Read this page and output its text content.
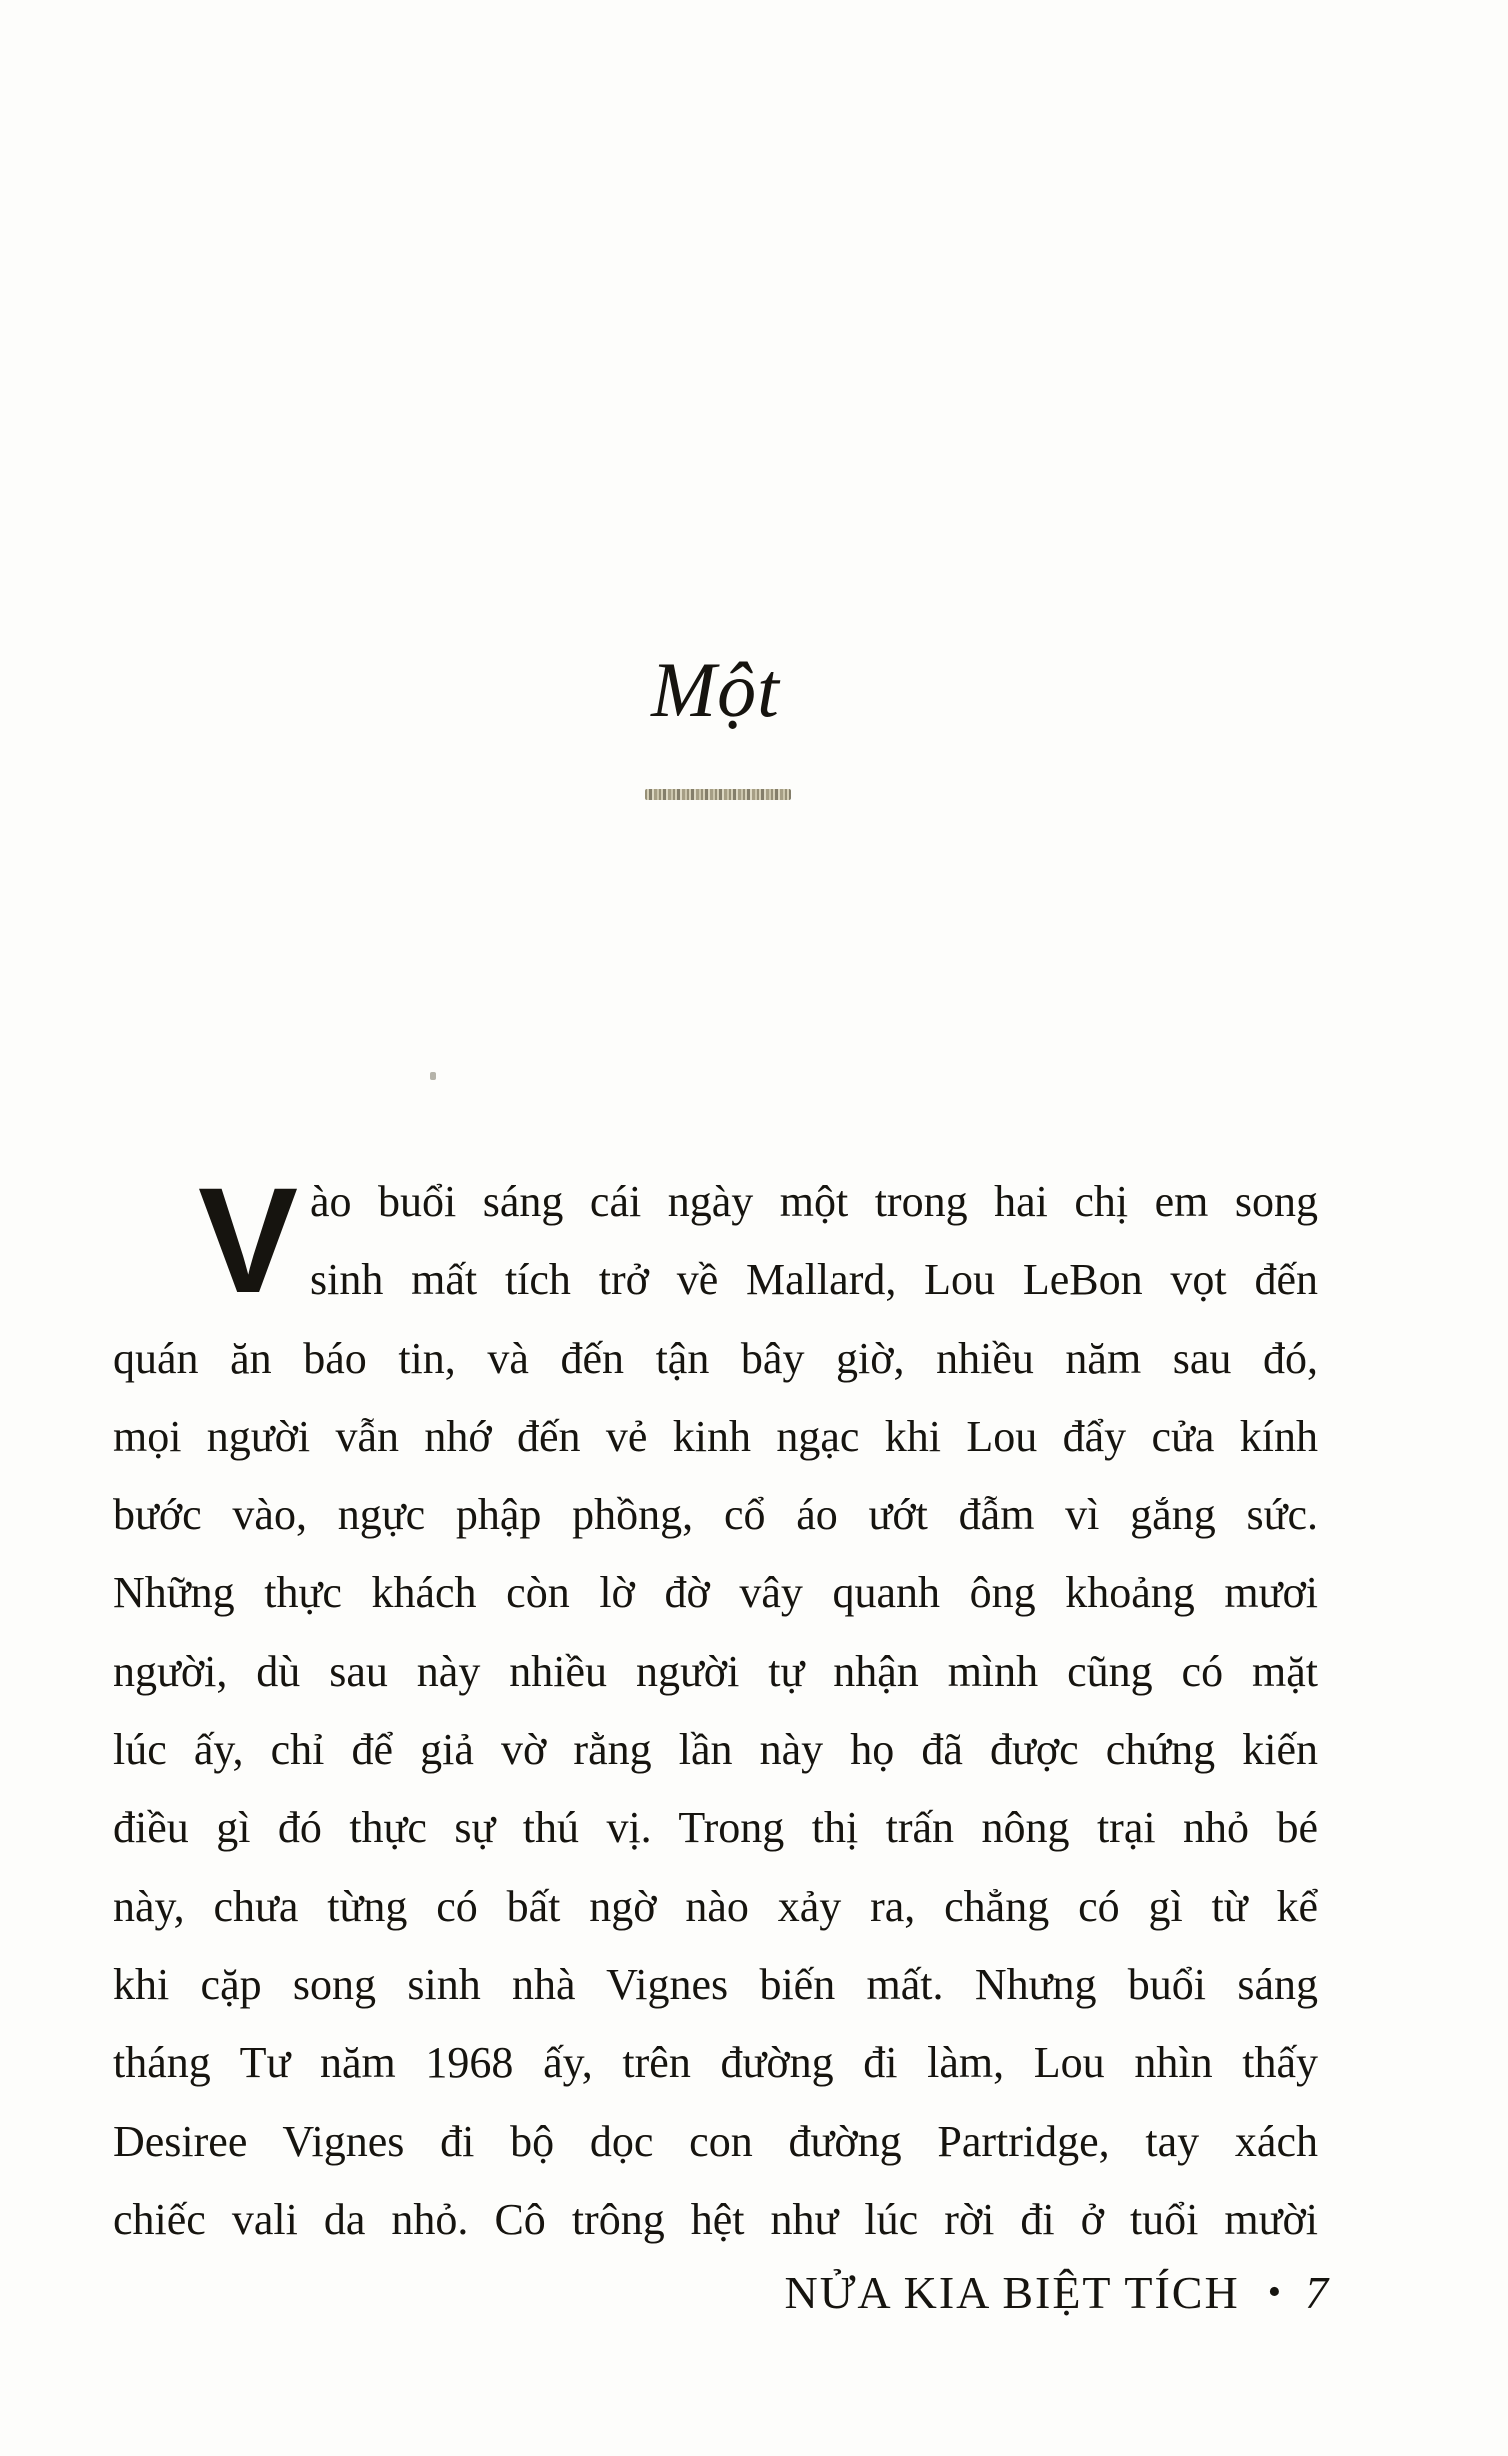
Một
V ào buổi sáng cái ngày một trong hai chị em song
sinh mất tích trở về Mallard, Lou LeBon vọt đến
quán ăn báo tin, và đến tận bây giờ, nhiều năm sau đó,
mọi người vẫn nhớ đến vẻ kinh ngạc khi Lou đẩy cửa kính
bước vào, ngực phập phồng, cổ áo ướt đẫm vì gắng sức.
Những thực khách còn lờ đờ vây quanh ông khoảng mươi
người, dù sau này nhiều người tự nhận mình cũng có mặt
lúc ấy, chỉ để giả vờ rằng lần này họ đã được chứng kiến
điều gì đó thực sự thú vị. Trong thị trấn nông trại nhỏ bé
này, chưa từng có bất ngờ nào xảy ra, chẳng có gì từ kể
khi cặp song sinh nhà Vignes biến mất. Nhưng buổi sáng
tháng Tư năm 1968 ấy, trên đường đi làm, Lou nhìn thấy
Desiree Vignes đi bộ dọc con đường Partridge, tay xách
chiếc vali da nhỏ. Cô trông hệt như lúc rời đi ở tuổi mười
NỬA KIA BIỆT TÍCH • 7
